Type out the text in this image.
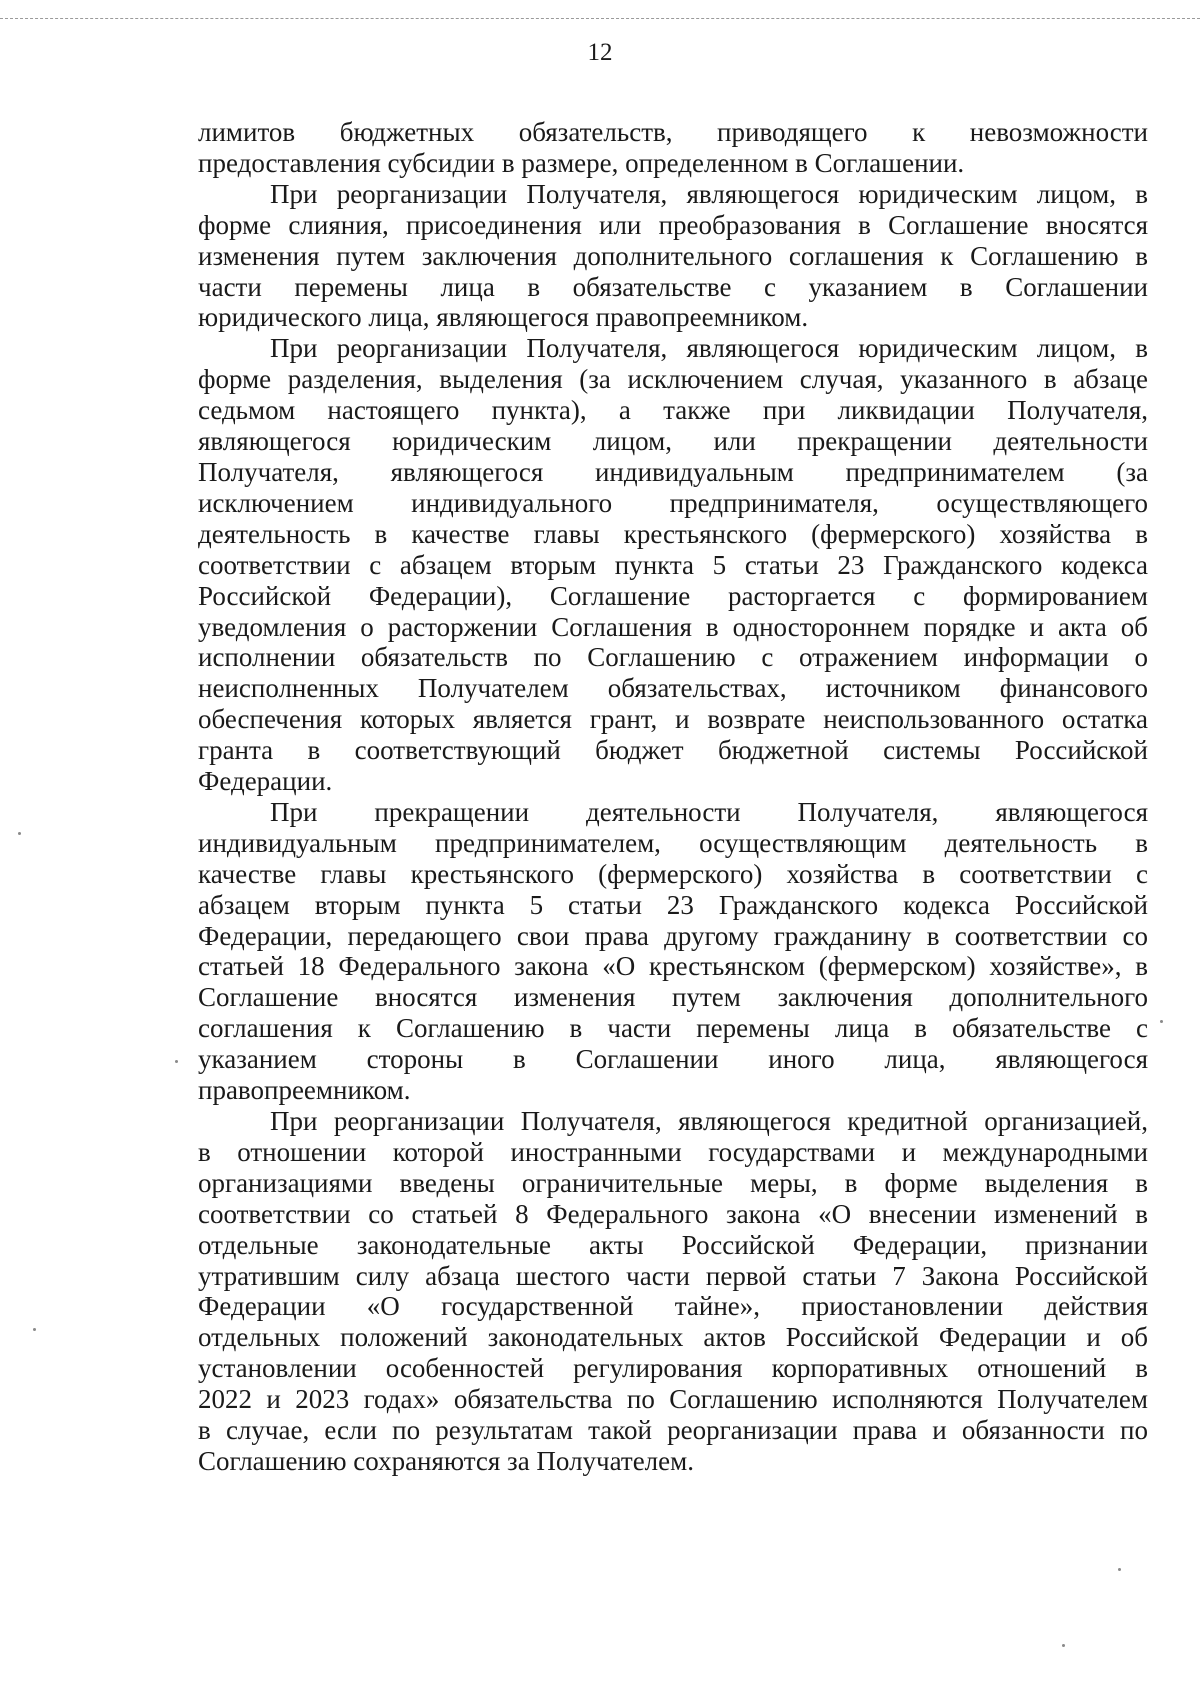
12

лимитов бюджетных обязательств, приводящего к невозможности
предоставления субсидии в размере, определенном в Соглашении.

При реорганизации Получателя, являющегося юридическим лицом, в
форме слияния, присоединения или преобразования в Соглашение вносятся
изменения путем заключения дополнительного соглашения к Соглашению в
части перемены лица в обязательстве с указанием в Соглашении
юридического лица, являющегося правопреемником.

При реорганизации Получателя, являющегося юридическим лицом, в
форме разделения, выделения (за исключением случая, указанного в абзаце
седьмом настоящего пункта), а также при ликвидации Получателя,
являющегося юридическим лицом, или прекращении деятельности
Получателя, являющегося индивидуальным предпринимателем (за
исключением индивидуального предпринимателя, осуществляющего
деятельность в качестве главы крестьянского (фермерского) хозяйства в
соответствии с абзацем вторым пункта 5 статьи 23 Гражданского кодекса
Российской Федерации), Соглашение расторгается с формированием
уведомления о расторжении Соглашения в одностороннем порядке и акта об
исполнении обязательств по Соглашению с отражением информации о
неисполненных Получателем обязательствах, источником финансового
обеспечения которых является грант, и возврате неиспользованного остатка
гранта в соответствующий бюджет бюджетной системы Российской
Федерации.

При прекращении деятельности Получателя, являющегося
индивидуальным предпринимателем, осуществляющим деятельность в
качестве главы крестьянского (фермерского) хозяйства в соответствии с
абзацем вторым пункта 5 статьи 23 Гражданского кодекса Российской
Федерации, передающего свои права другому гражданину в соответствии со
статьей 18 Федерального закона «О крестьянском (фермерском) хозяйстве», в
Соглашение вносятся изменения путем заключения дополнительного
соглашения к Соглашению в части перемены лица в обязательстве с
указанием стороны в Соглашении иного лица, являющегося
правопреемником.

При реорганизации Получателя, являющегося кредитной организацией,
в отношении которой иностранными государствами и международными
организациями введены ограничительные меры, в форме выделения в
соответствии со статьей 8 Федерального закона «О внесении изменений в
отдельные законодательные акты Российской Федерации, признании
утратившим силу абзаца шестого части первой статьи 7 Закона Российской
Федерации «О государственной тайне», приостановлении действия
отдельных положений законодательных актов Российской Федерации и об
установлении особенностей регулирования корпоративных отношений в
2022 и 2023 годах» обязательства по Соглашению исполняются Получателем
в случае, если по результатам такой реорганизации права и обязанности по
Соглашению сохраняются за Получателем.
